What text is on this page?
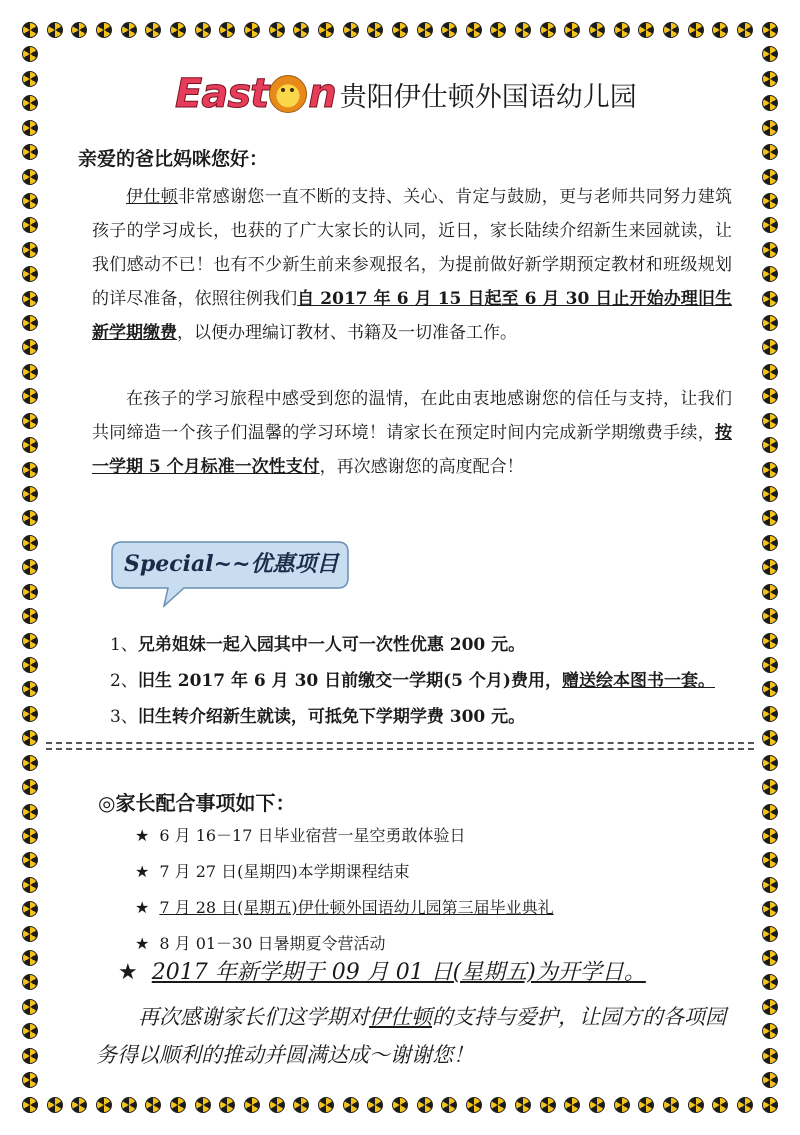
East n 贵阳伊仕顿外国语幼儿园
亲爱的爸比妈咪您好：

伊仕顿非常感谢您一直不断的支持、关心、肯定与鼓励，更与老师共同努力建筑孩子的学习成长，也获的了广大家长的认同，近日，家长陆续介绍新生来园就读，让我们感动不已！也有不少新生前来参观报名，为提前做好新学期预定教材和班级规划的详尽准备，依照往例我们自 2017 年 6 月 15 日起至 6 月 30 日止开始办理旧生新学期缴费，以便办理编订教材、书籍及一切准备工作。

在孩子的学习旅程中感受到您的温情，在此由衷地感谢您的信任与支持，让我们共同缔造一个孩子们温馨的学习环境！请家长在预定时间内完成新学期缴费手续，按一学期 5 个月标准一次性支付，再次感谢您的高度配合！

Special~~优惠项目
1、兄弟姐妹一起入园其中一人可一次性优惠 200 元。
2、旧生 2017 年 6 月 30 日前缴交一学期(5 个月)费用，赠送绘本图书一套。
3、旧生转介绍新生就读，可抵免下学期学费 300 元。
◎家长配合事项如下：
★ 6 月 16－17 日毕业宿营一星空勇敢体验日
★ 7 月 27 日(星期四)本学期课程结束
★ 7 月 28 日(星期五)伊仕顿外国语幼儿园第三届毕业典礼
★ 8 月 01－30 日暑期夏令营活动
★ 2017 年新学期于 09 月 01 日(星期五)为开学日。

再次感谢家长们这学期对伊仕顿的支持与爱护，让园方的各项园务得以顺利的推动并圆满达成～谢谢您！
